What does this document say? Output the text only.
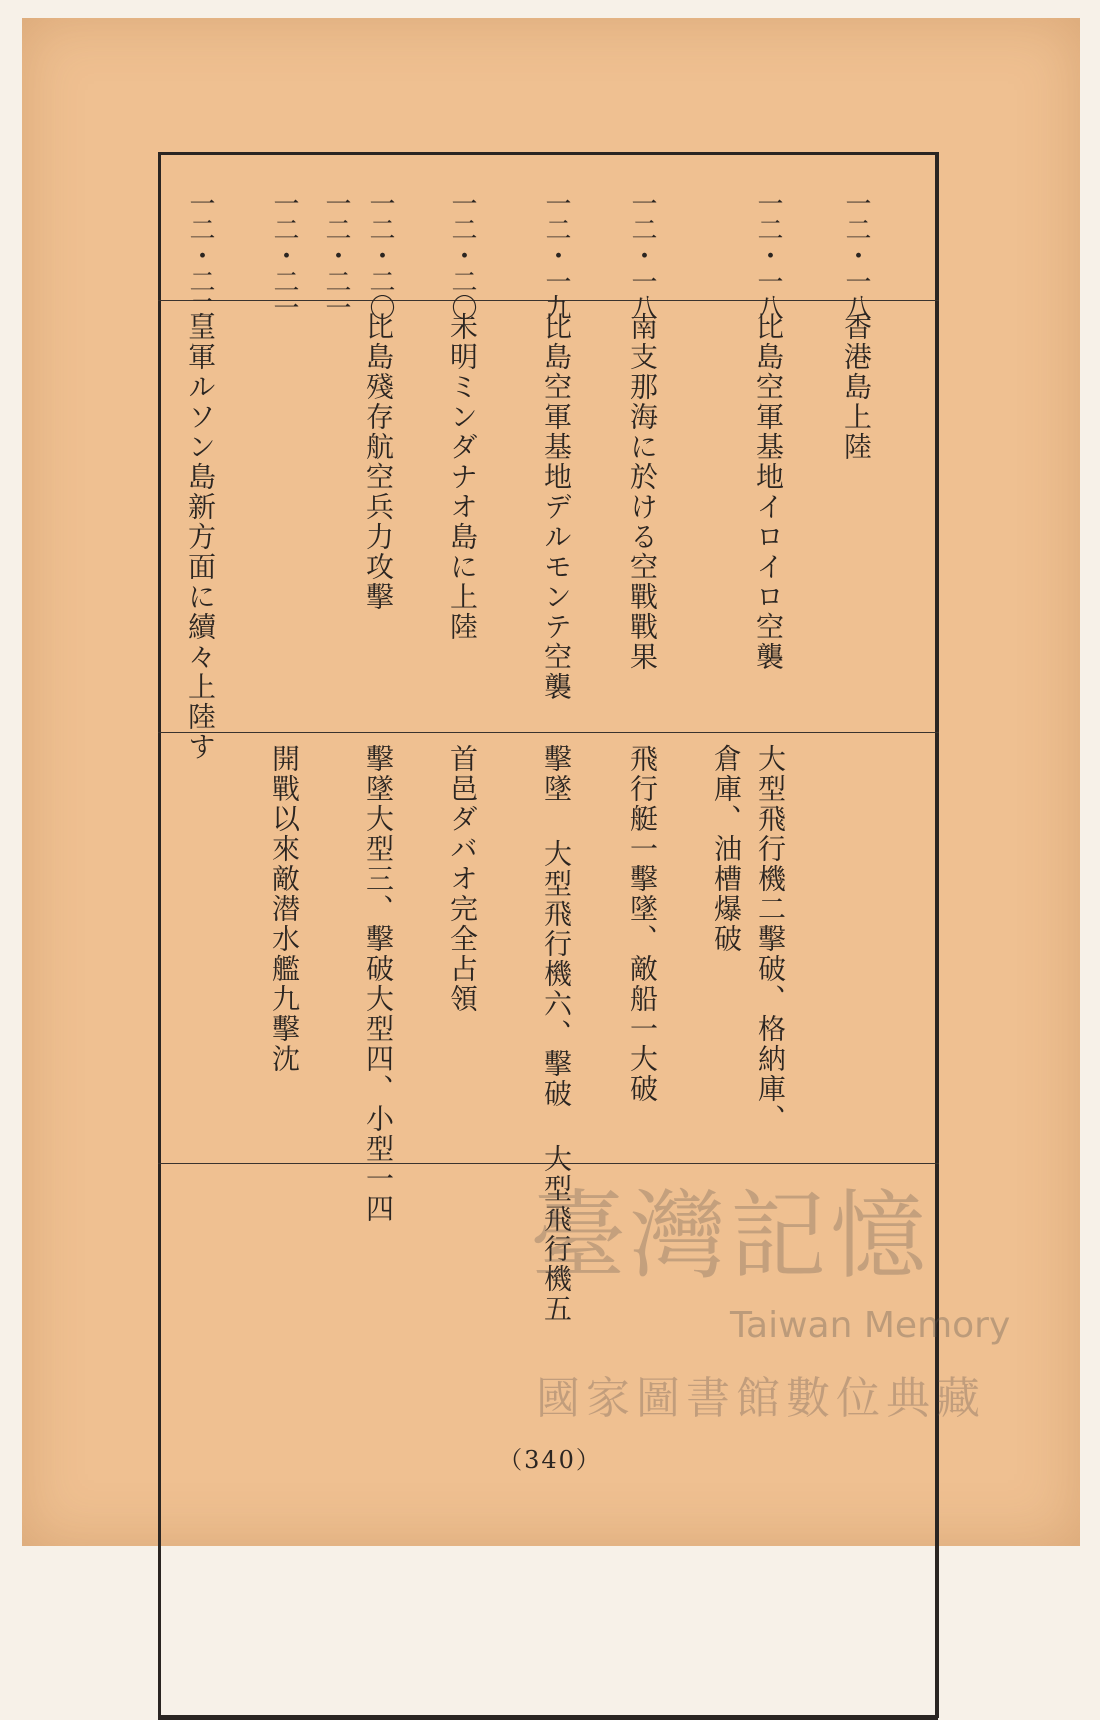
一二・一八
香港島上陸
一二・一八
比島空軍基地イロイロ空襲
大型飛行機二擊破、格納庫、倉庫、油槽爆破
一二・一八
南支那海に於ける空戰戰果
飛行艇一擊墜、敵船一大破
一二・一九
比島空軍基地デルモンテ空襲
擊墜 大型飛行機六、擊破 大型飛行機五
一二・二〇
未明ミンダナオ島に上陸
首邑ダバオ完全占領
一二・二〇
一二・二一
比島殘存航空兵力攻擊
擊墜大型三、擊破大型四、小型一四
一二・二一
開戰以來敵潜水艦九擊沈
一二・二二
皇軍ルソン島新方面に續々上陸す
臺灣記憶
Taiwan Memory
國家圖書館數位典藏
（340）
